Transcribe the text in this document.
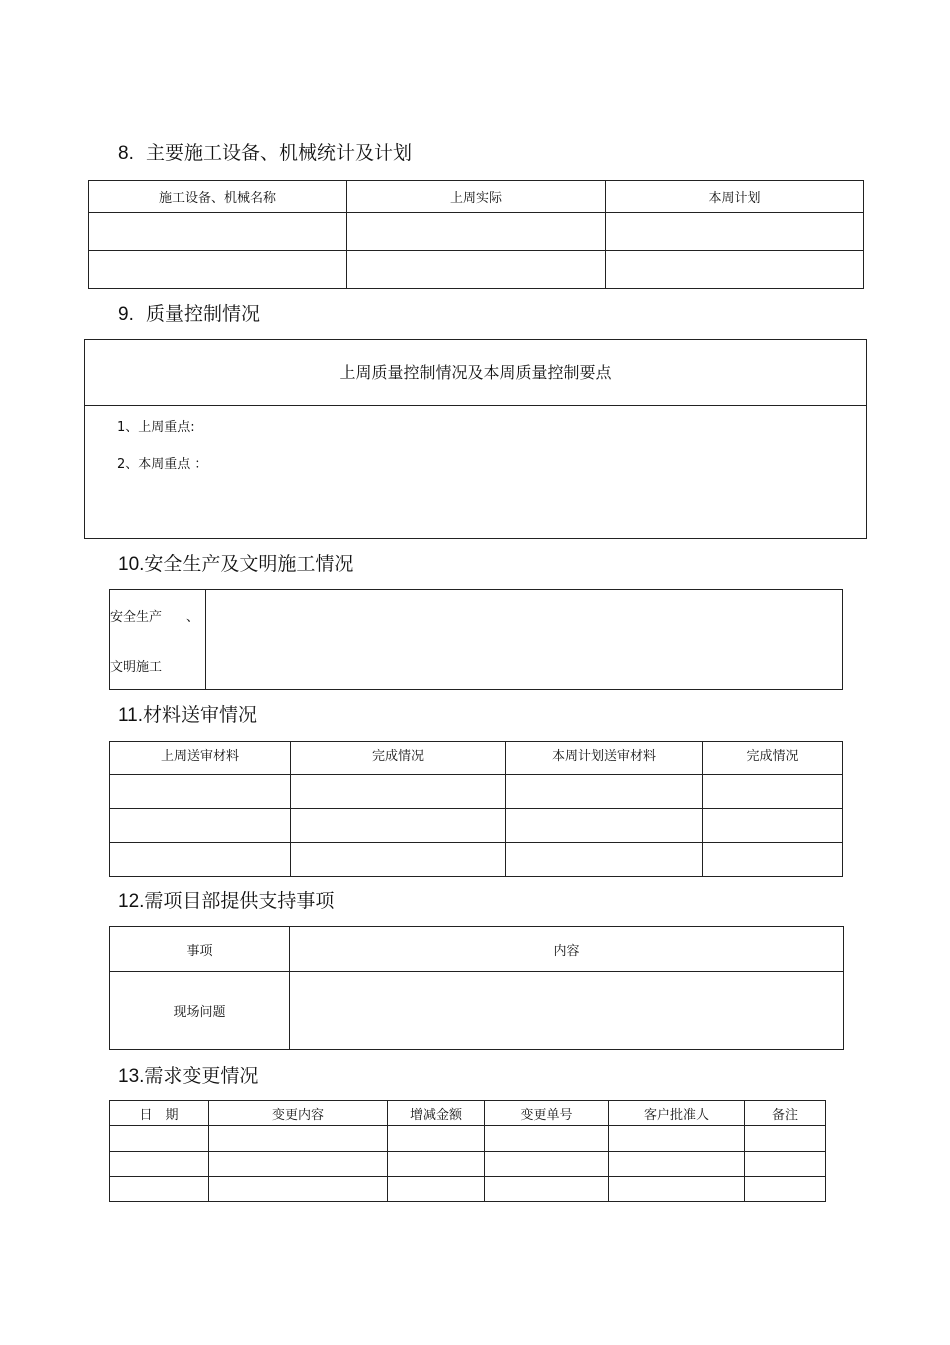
8. 主要施工设备、机械统计及计划
施工设备、机械名称	上周实际	本周计划

9. 质量控制情况
上周质量控制情况及本周质量控制要点
1、上周重点:
2、本周重点 ：
10.安全生产及文明施工情况
安全生产 、
文明施工

11.材料送审情况
上周送审材料	完成情况	本周计划送审材料	完成情况

12.需项目部提供支持事项
事项	内容
现场问题	
13.需求变更情况
日　期	变更内容	增减金额	变更单号	客户批准人	备注
